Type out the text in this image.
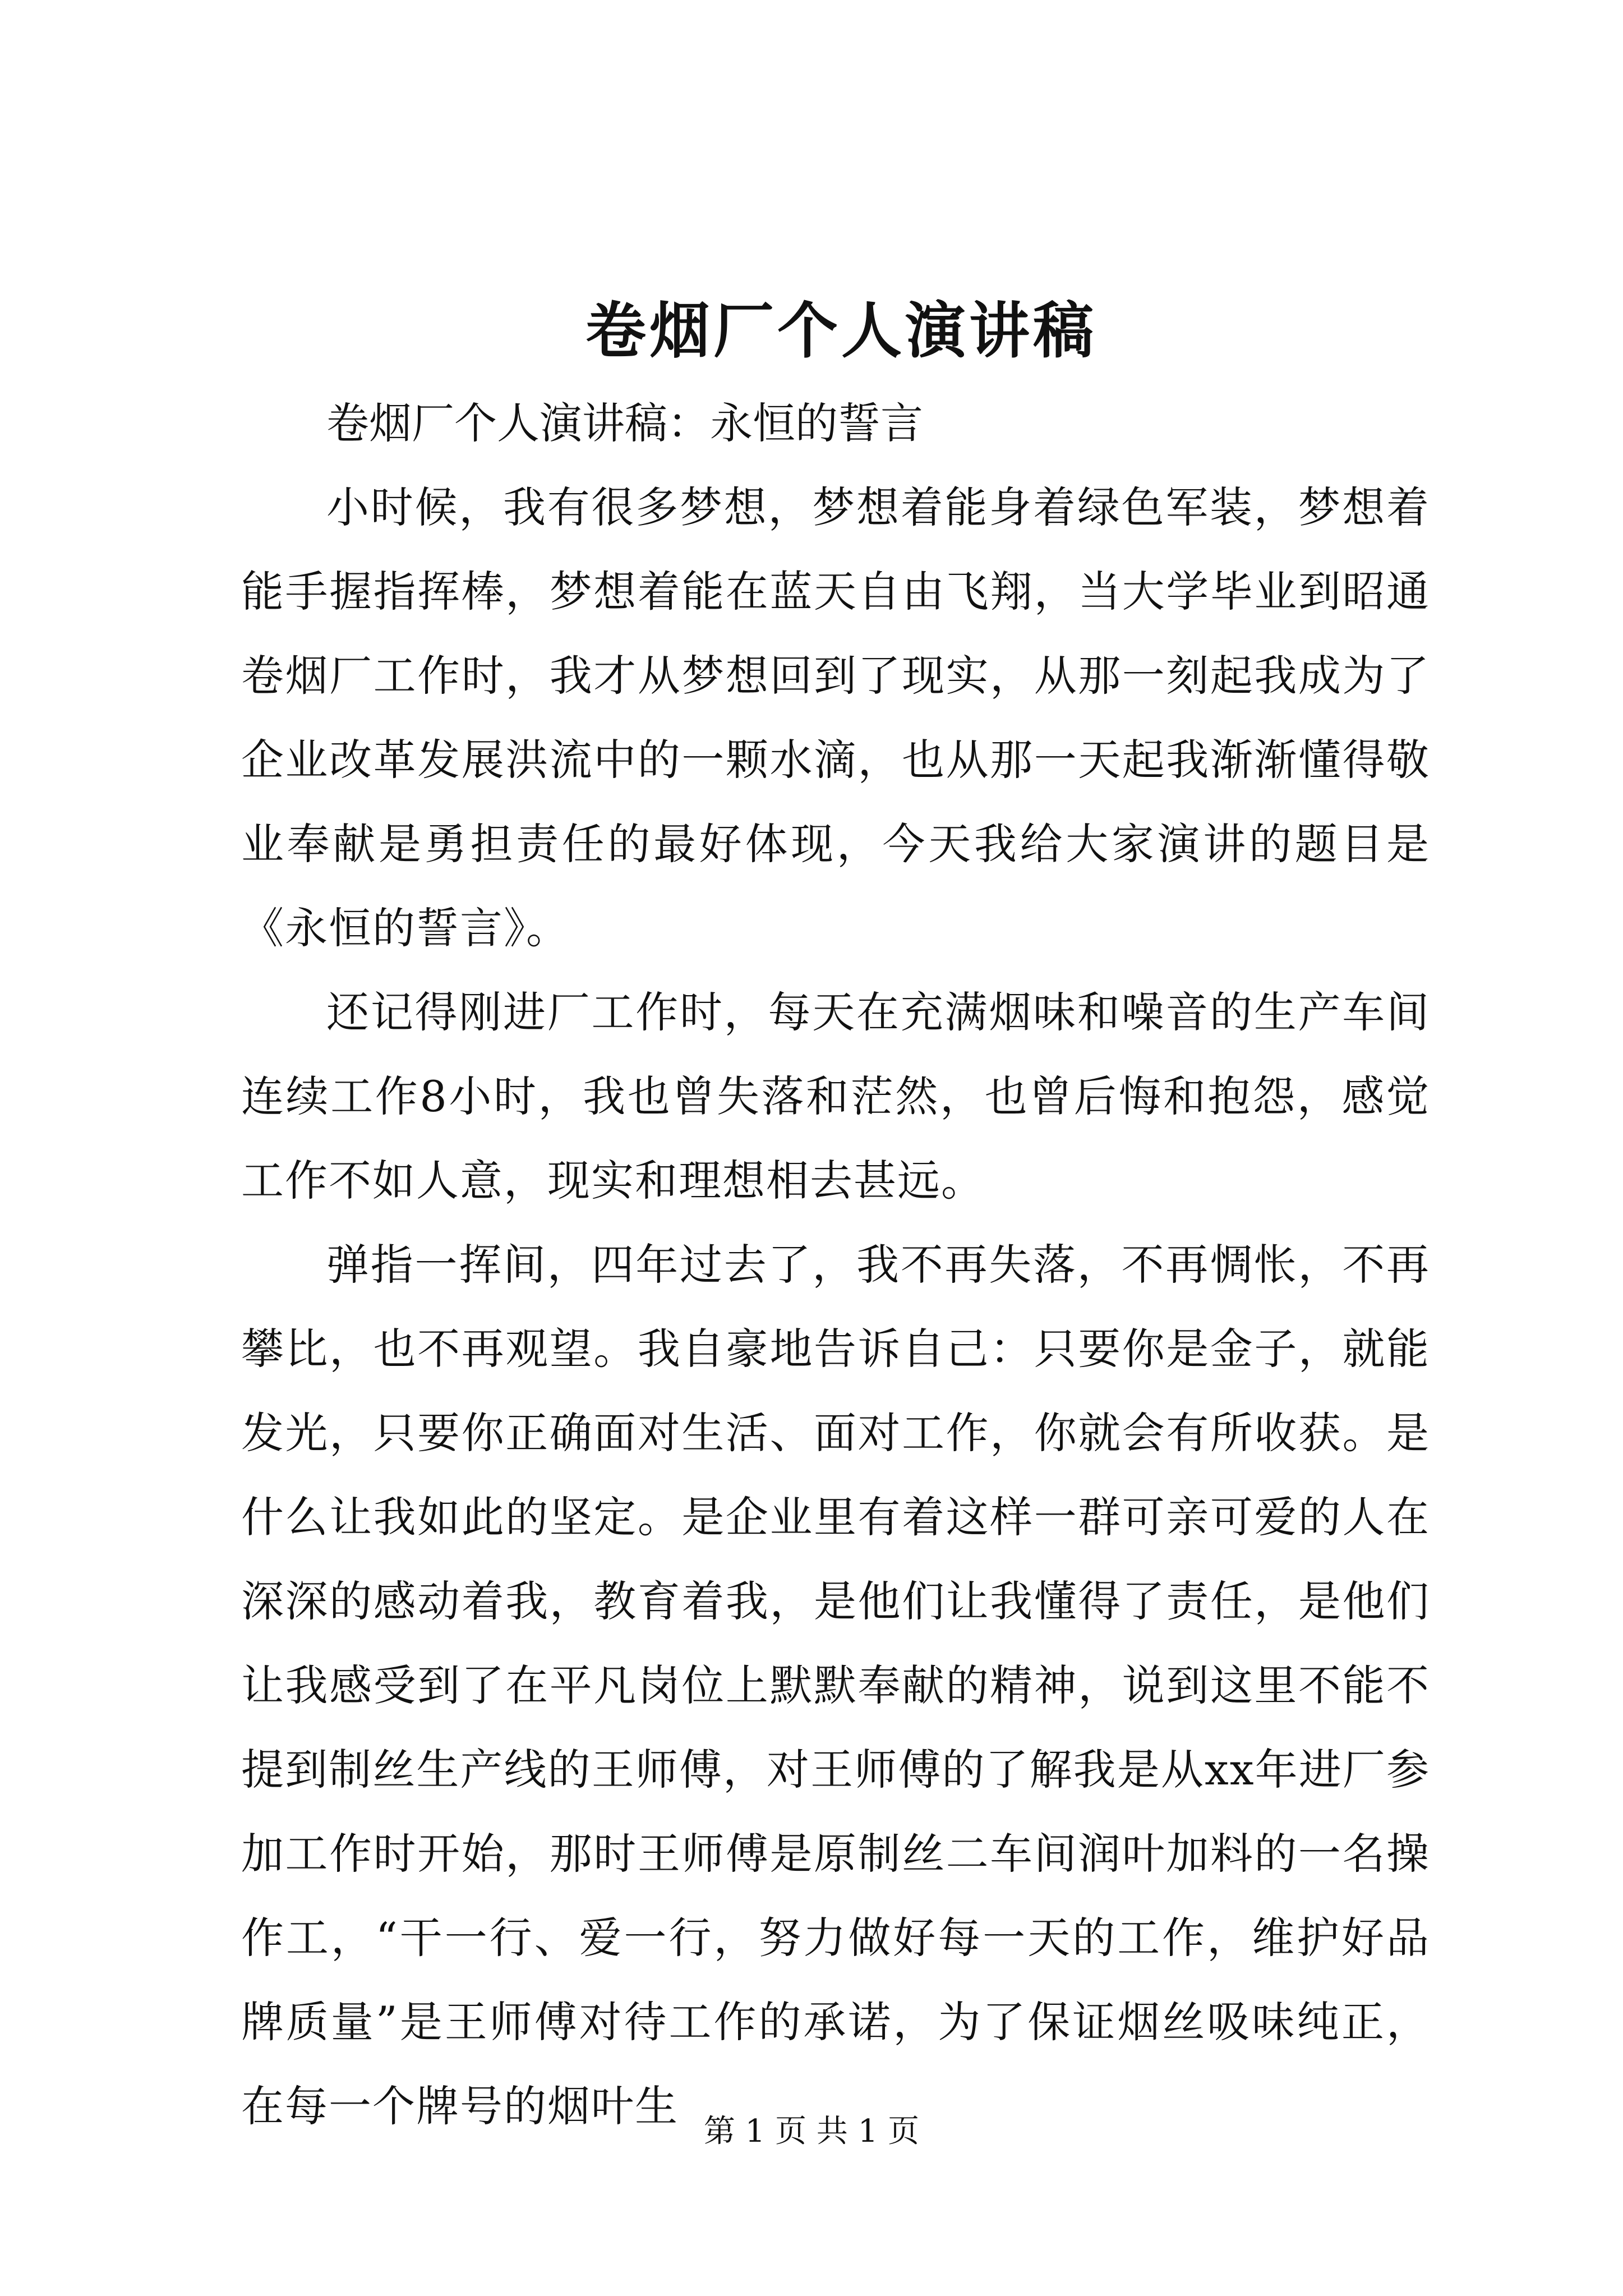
卷烟厂个人演讲稿

卷烟厂个人演讲稿：永恒的誓言

小时候，我有很多梦想，梦想着能身着绿色军装，梦想着能手握指挥棒，梦想着能在蓝天自由飞翔，当大学毕业到昭通卷烟厂工作时，我才从梦想回到了现实，从那一刻起我成为了企业改革发展洪流中的一颗水滴，也从那一天起我渐渐懂得敬业奉献是勇担责任的最好体现，今天我给大家演讲的题目是《永恒的誓言》。

还记得刚进厂工作时，每天在充满烟味和噪音的生产车间连续工作8小时，我也曾失落和茫然，也曾后悔和抱怨，感觉工作不如人意，现实和理想相去甚远。

弹指一挥间，四年过去了，我不再失落，不再惆怅，不再攀比，也不再观望。我自豪地告诉自己：只要你是金子，就能发光，只要你正确面对生活、面对工作，你就会有所收获。是什么让我如此的坚定。是企业里有着这样一群可亲可爱的人在深深的感动着我，教育着我，是他们让我懂得了责任，是他们让我感受到了在平凡岗位上默默奉献的精神，说到这里不能不提到制丝生产线的王师傅，对王师傅的了解我是从xx年进厂参加工作时开始，那时王师傅是原制丝二车间润叶加料的一名操作工，“干一行、爱一行，努力做好每一天的工作，维护好品牌质量”是王师傅对待工作的承诺，为了保证烟丝吸味纯正，在每一个牌号的烟叶生

第 1 页 共 1 页
